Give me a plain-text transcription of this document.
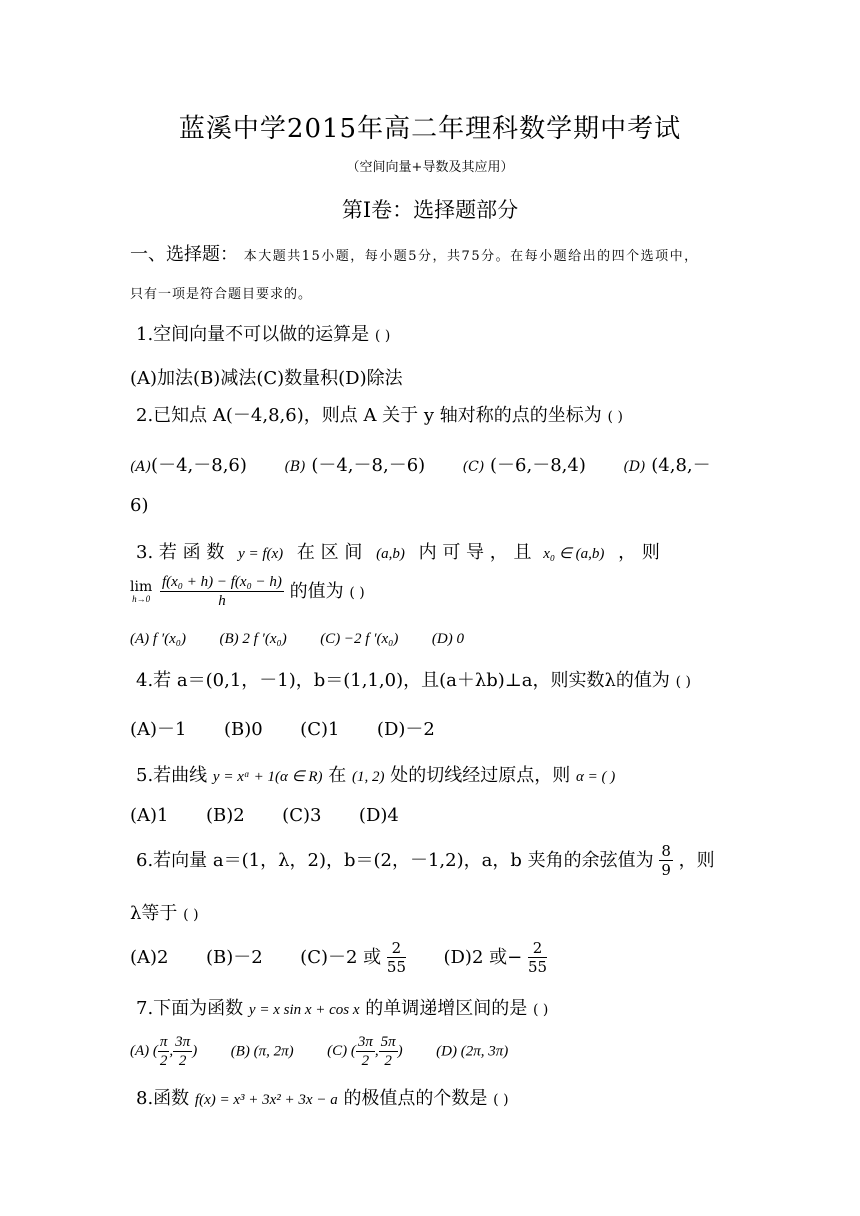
蓝溪中学2015年高二年理科数学期中考试
（空间向量+导数及其应用）
第Ⅰ卷：选择题部分
一、选择题： 本大题共15小题，每小题5分，共75分。在每小题给出的四个选项中，
只有一项是符合题目要求的。
1.空间向量不可以做的运算是 ( )
(A)加法(B)减法(C)数量积(D)除法
2.已知点 A(－4,8,6)，则点 A 关于 y 轴对称的点的坐标为 ( )
(A)(－4,－8,6)	(B) (－4,－8,－6)	(C) (－6,－8,4)	(D) (4,8,－
6)
3. 若 函 数 y = f(x) 在 区 间 (a,b) 内 可 导 ， 且 x₀ ∈ (a,b) ， 则
lim
h→0
$\frac{\text{f(x₀ + h) − f(x₀ − h)}}{h}$ 的值为 ( )
(A) f ′(x₀) (B) 2 f ′(x₀) (C) −2 f ′(x₀) (D) 0
4.若 a＝(0,1，－1)，b＝(1,1,0)，且(a＋λb)⊥a，则实数λ的值为 ( )
(A)－1 (B)0 (C)1 (D)－2
5.若曲线 y = xᵅ + 1(α ∈ R) 在 (1, 2) 处的切线经过原点，则 α = ( )
(A)1 (B)2 (C)3 (D)4
6.若向量 a＝(1，λ，2)，b＝(2，－1,2)，a，b 夹角的余弦值为 $\frac{8}{9}$ ，则
λ等于 ( )
(A)2 (B)－2 (C)－2 或 $\frac{2}{55} (D)2$ 或− $\frac{2}{55}$
7.下面为函数 y = x sin x + cos x 的单调递增区间的是 ( )
(A) ( $\frac{\pi}{2}$ , $\frac{3\pi}{2}$ )  (B) (π, 2π) (C) ( $\frac{3\pi}{2}$ , $\frac{5\pi}{2}$ )  (D) (2π, 3π)
8.函数 f(x) = x³ + 3x² + 3x − a 的极值点的个数是 ( )
